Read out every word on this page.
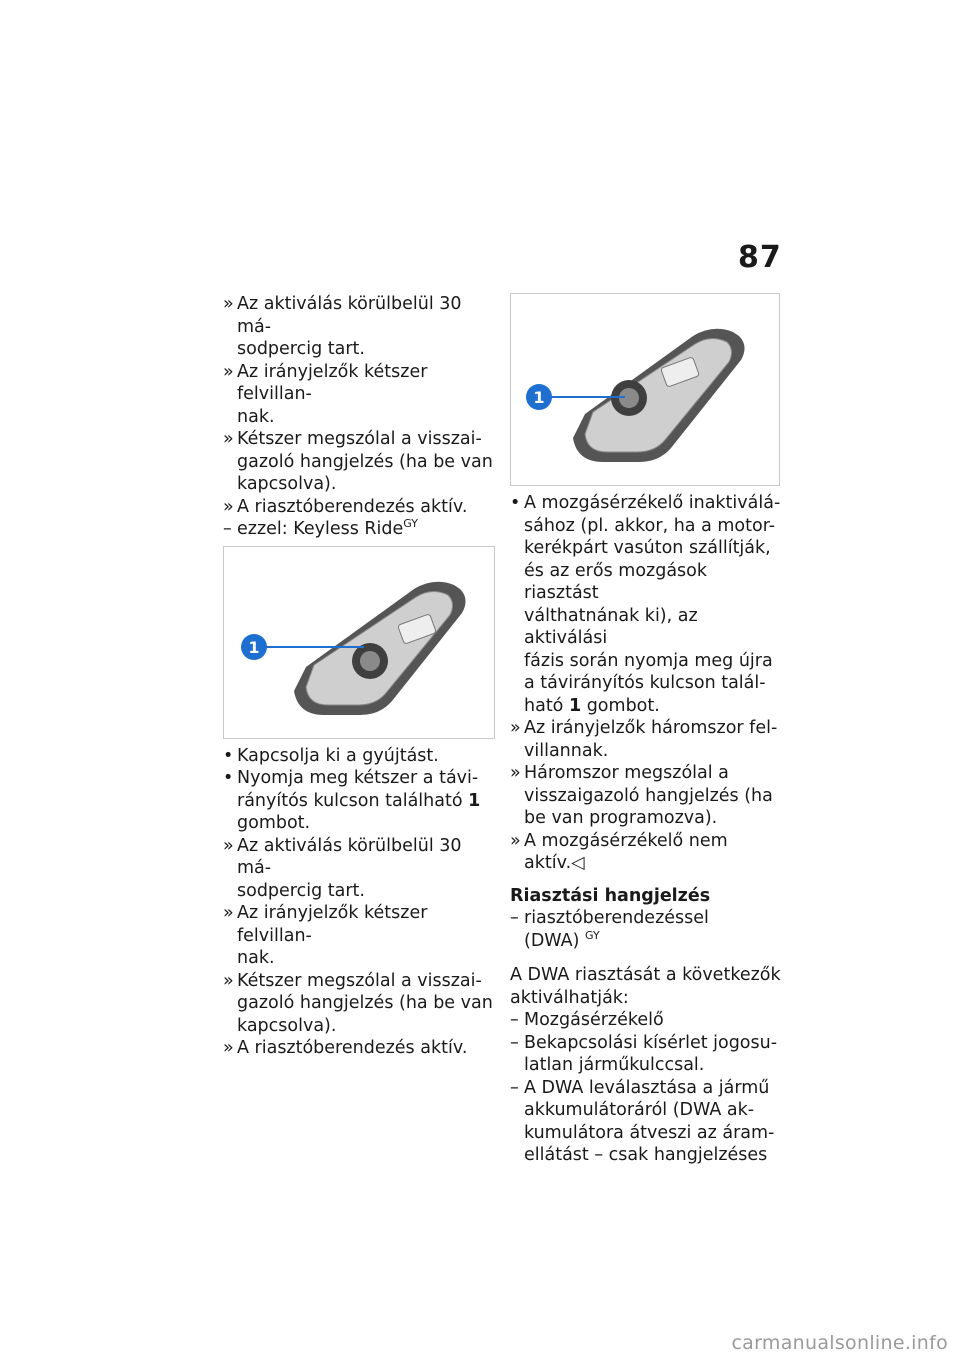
87
» Az aktiválás körülbelül 30 má-
sodpercig tart.
» Az irányjelzők kétszer felvillan-
nak.
» Kétszer megszólal a visszai-
gazoló hangjelzés (ha be van
kapcsolva).
» A riasztóberendezés aktív.
– ezzel: Keyless Ride$^{GY}$
1
• Kapcsolja ki a gyújtást.
• Nyomja meg kétszer a távi-
rányítós kulcson található 1
gombot.
» Az aktiválás körülbelül 30 má-
sodpercig tart.
» Az irányjelzők kétszer felvillan-
nak.
» Kétszer megszólal a visszai-
gazoló hangjelzés (ha be van
kapcsolva).
» A riasztóberendezés aktív.
1
• A mozgásérzékelő inaktiválá-
sához (pl. akkor, ha a motor-
kerékpárt vasúton szállítják,
és az erős mozgások riasztást
válthatnának ki), az aktiválási
fázis során nyomja meg újra
a távirányítós kulcson talál-
ható 1 gombot.
» Az irányjelzők háromszor fel-
villannak.
» Háromszor megszólal a
visszaigazoló hangjelzés (ha
be van programozva).
» A mozgásérzékelő nem
aktív.◁
Riasztási hangjelzés
– riasztóberendezéssel
(DWA) $^{GY}$
A DWA riasztását a következők
aktiválhatják:
– Mozgásérzékelő
– Bekapcsolási kísérlet jogosu-
latlan járműkulccsal.
– A DWA leválasztása a jármű
akkumulátoráról (DWA ak-
kumulátora átveszi az áram-
ellátást – csak hangjelzéses
carmanualsonline.info
